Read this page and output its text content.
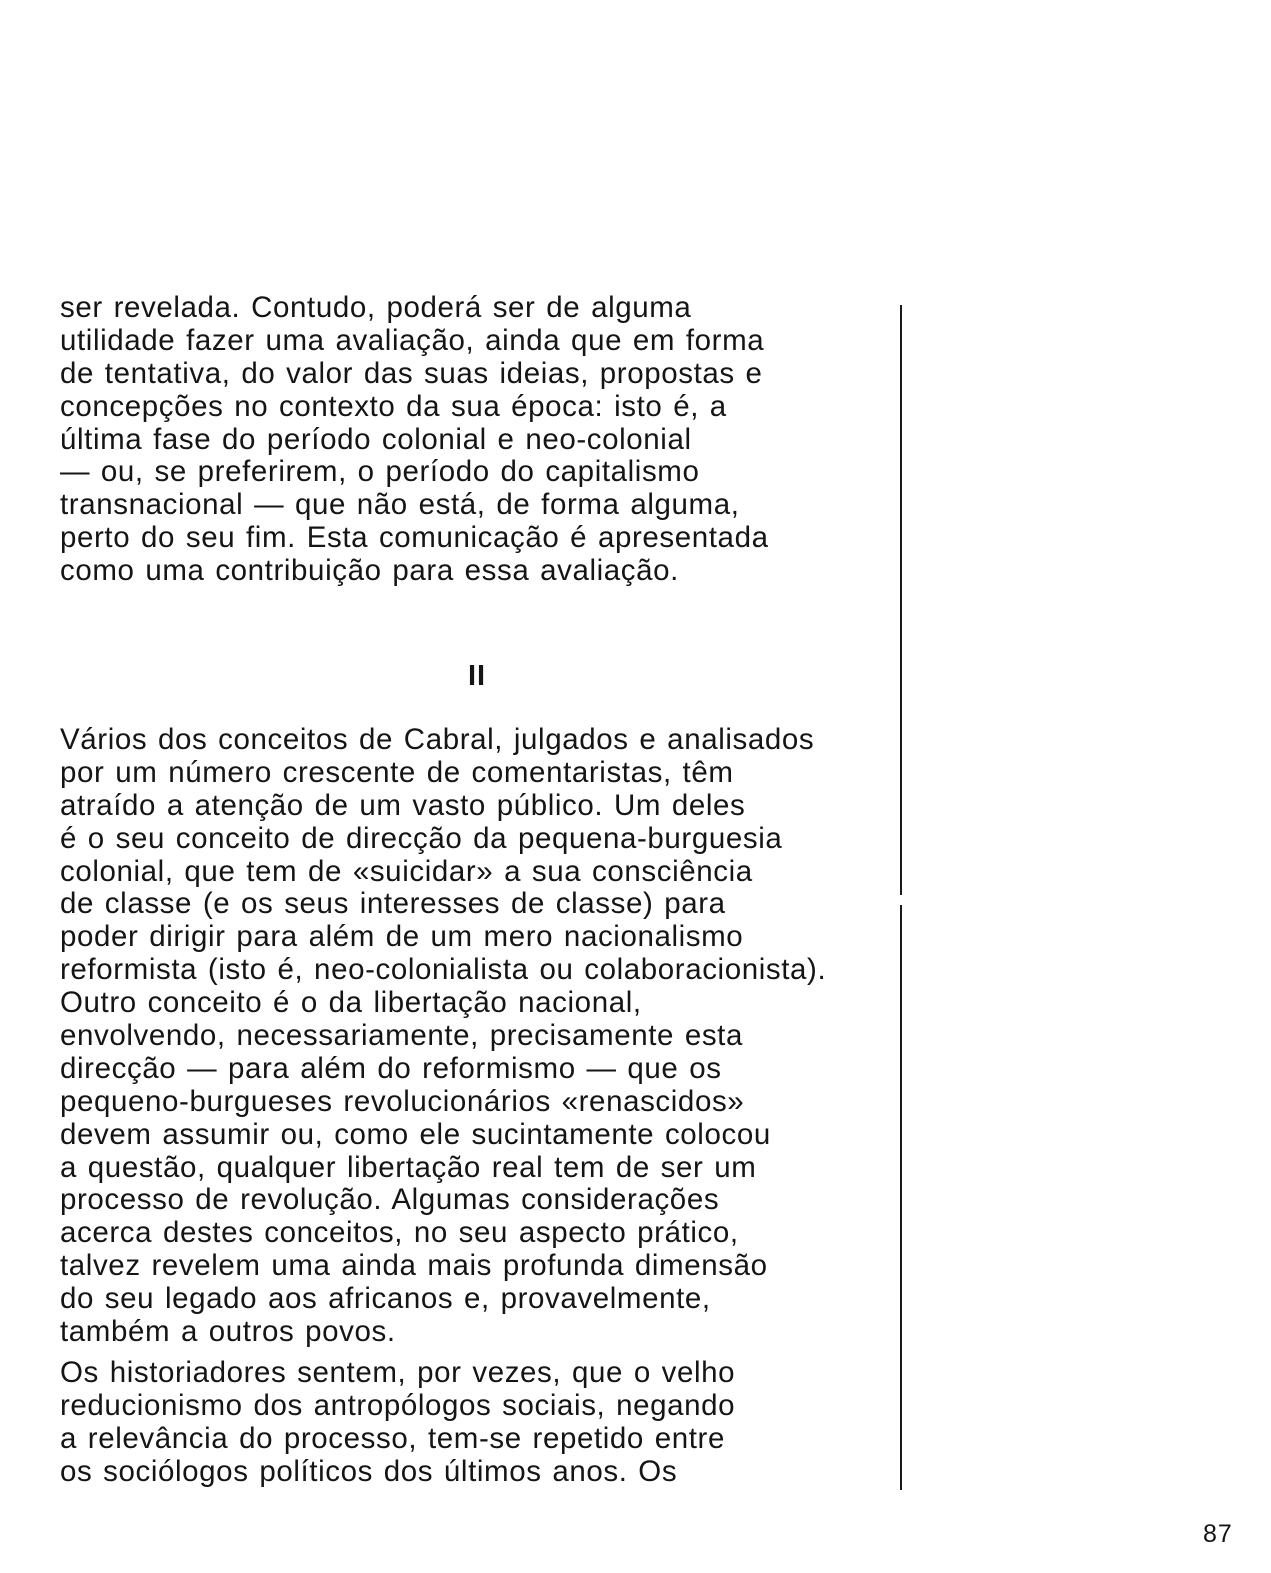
ser revelada. Contudo, poderá ser de alguma
utilidade fazer uma avaliação, ainda que em forma
de tentativa, do valor das suas ideias, propostas e
concepções no contexto da sua época: isto é, a
última fase do período colonial e neo-colonial
— ou, se preferirem, o período do capitalismo
transnacional — que não está, de forma alguma,
perto do seu fim. Esta comunicação é apresentada
como uma contribuição para essa avaliação.
II
Vários dos conceitos de Cabral, julgados e analisados
por um número crescente de comentaristas, têm
atraído a atenção de um vasto público. Um deles
é o seu conceito de direcção da pequena-burguesia
colonial, que tem de «suicidar» a sua consciência
de classe (e os seus interesses de classe) para
poder dirigir para além de um mero nacionalismo
reformista (isto é, neo-colonialista ou colaboracionista).
Outro conceito é o da libertação nacional,
envolvendo, necessariamente, precisamente esta
direcção — para além do reformismo — que os
pequeno-burgueses revolucionários «renascidos»
devem assumir ou, como ele sucintamente colocou
a questão, qualquer libertação real tem de ser um
processo de revolução. Algumas considerações
acerca destes conceitos, no seu aspecto prático,
talvez revelem uma ainda mais profunda dimensão
do seu legado aos africanos e, provavelmente,
também a outros povos.
Os historiadores sentem, por vezes, que o velho
reducionismo dos antropólogos sociais, negando
a relevância do processo, tem-se repetido entre
os sociólogos políticos dos últimos anos. Os
87
